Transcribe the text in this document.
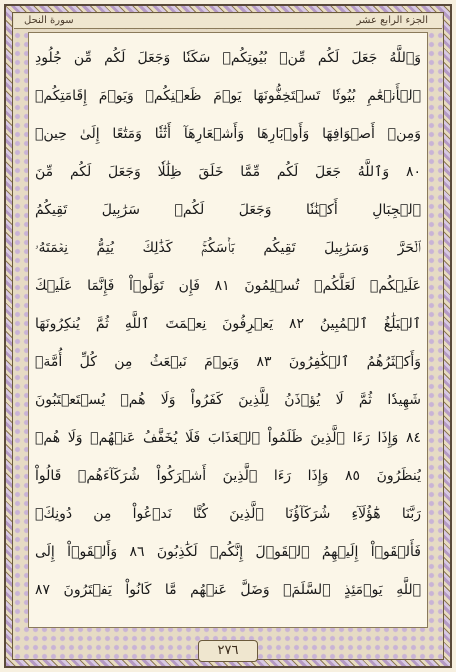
سورة النحل	الجزء الرابع عشر
وَٱللَّهُ جَعَلَ لَكُم مِّنۢ بُيُوتِكُمۡ سَكَنٗا وَجَعَلَ لَكُم مِّن جُلُودِ
ٱلۡأَنۡعَٰمِ بُيُوتٗا تَسۡتَخِفُّونَهَا يَوۡمَ ظَعۡنِكُمۡ وَيَوۡمَ إِقَامَتِكُمۡ
وَمِنۡ أَصۡوَافِهَا وَأَوۡبَارِهَا وَأَشۡعَارِهَآ أَثَٰثٗا وَمَتَٰعًا إِلَىٰ حِينٖ
٨٠ وَٱللَّهُ جَعَلَ لَكُم مِّمَّا خَلَقَ ظِلَٰلٗا وَجَعَلَ لَكُم مِّنَ
ٱلۡجِبَالِ أَكۡنَٰنٗا وَجَعَلَ لَكُمۡ سَرَٰبِيلَ تَقِيكُمُ
ٱلۡحَرَّ وَسَرَٰبِيلَ تَقِيكُم بَأۡسَكُمۡۚ كَذَٰلِكَ يُتِمُّ نِعۡمَتَهُۥ
عَلَيۡكُمۡ لَعَلَّكُمۡ تُسۡلِمُونَ ٨١ فَإِن تَوَلَّوۡاْ فَإِنَّمَا عَلَيۡكَ
ٱلۡبَلَٰغُ ٱلۡمُبِينُ ٨٢ يَعۡرِفُونَ نِعۡمَتَ ٱللَّهِ ثُمَّ يُنكِرُونَهَا
وَأَكۡثَرُهُمُ ٱلۡكَٰفِرُونَ ٨٣ وَيَوۡمَ نَبۡعَثُ مِن كُلِّ أُمَّةٖ
شَهِيدٗا ثُمَّ لَا يُؤۡذَنُ لِلَّذِينَ كَفَرُواْ وَلَا هُمۡ يُسۡتَعۡتَبُونَ
٨٤ وَإِذَا رَءَا ٱلَّذِينَ ظَلَمُواْ ٱلۡعَذَابَ فَلَا يُخَفَّفُ عَنۡهُمۡ وَلَا هُمۡ
يُنظَرُونَ ٨٥ وَإِذَا رَءَا ٱلَّذِينَ أَشۡرَكُواْ شُرَكَآءَهُمۡ قَالُواْ
رَبَّنَا هَٰٓؤُلَآءِ شُرَكَآؤُنَا ٱلَّذِينَ كُنَّا نَدۡعُواْ مِن دُونِكَۖ
فَأَلۡقَوۡاْ إِلَيۡهِمُ ٱلۡقَوۡلَ إِنَّكُمۡ لَكَٰذِبُونَ ٨٦ وَأَلۡقَوۡاْ إِلَى
ٱللَّهِ يَوۡمَئِذٍ ٱلسَّلَمَۖ وَضَلَّ عَنۡهُم مَّا كَانُواْ يَفۡتَرُونَ ٨٧
٢٧٦
